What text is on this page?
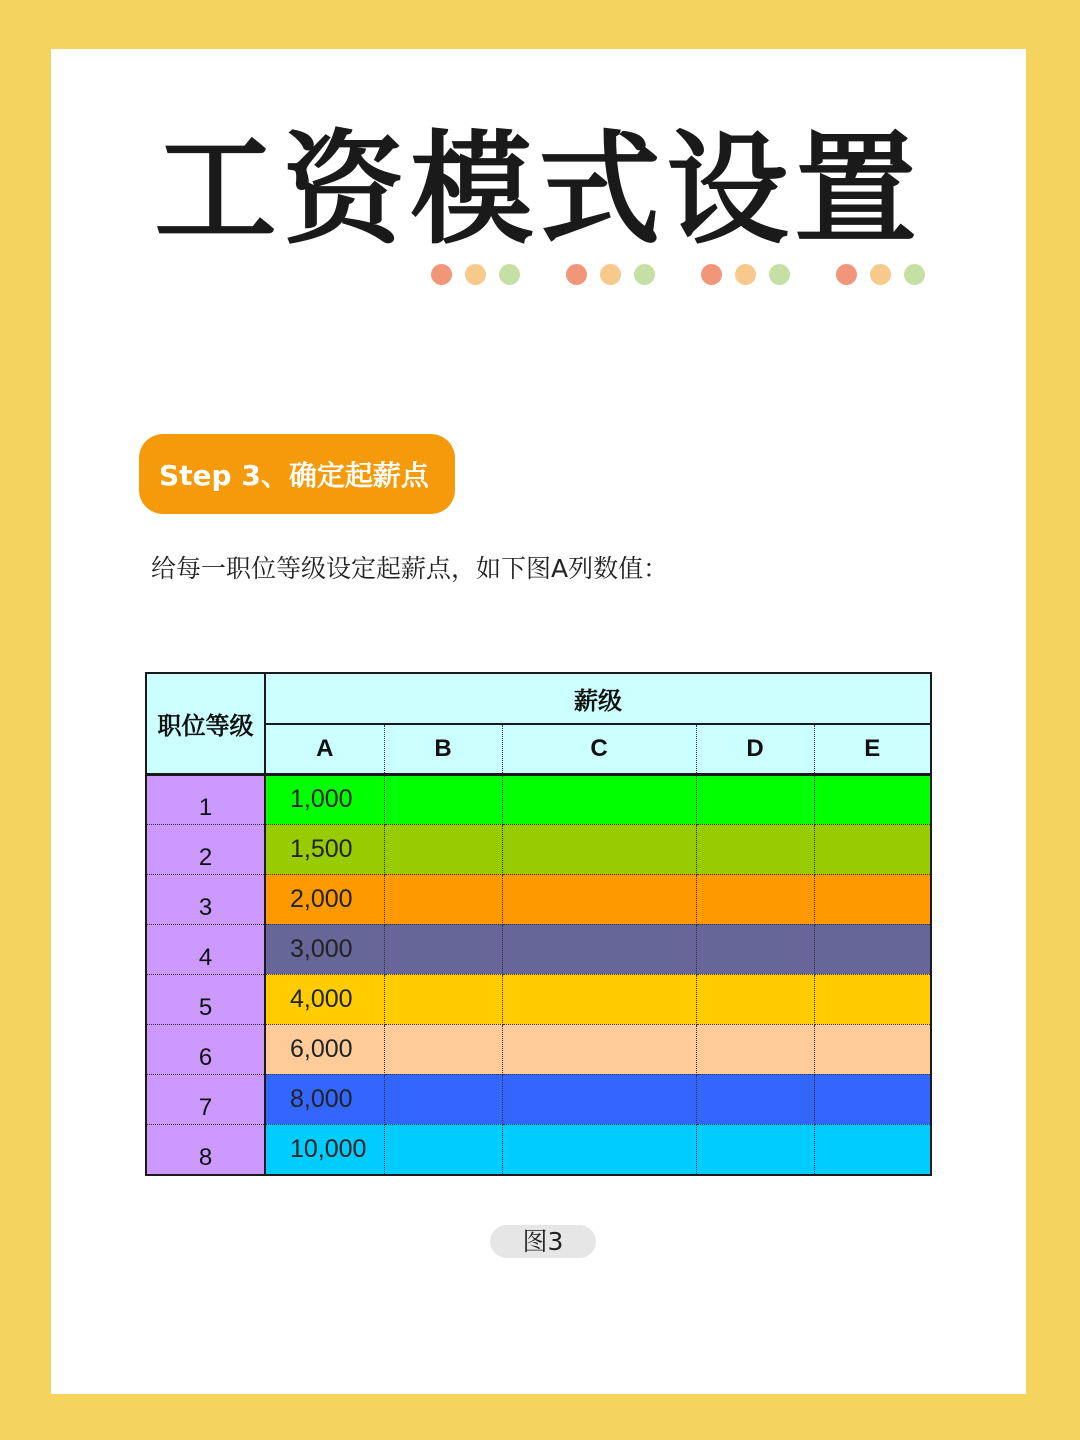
工资模式设置
Step 3、确定起薪点
给每一职位等级设定起薪点，如下图A列数值：
职位等级	薪级				
	A	B	C	D	E
1	1,000				
2	1,500				
3	2,000				
4	3,000				
5	4,000				
6	6,000				
7	8,000				
8	10,000				
图3
